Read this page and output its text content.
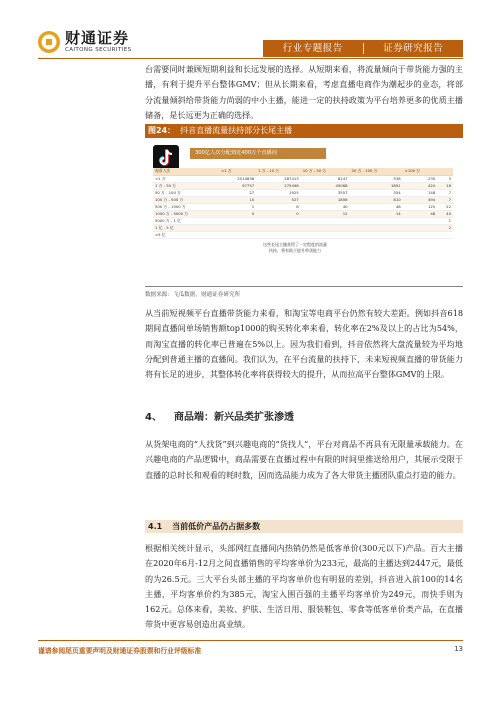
财通证券
CAITONG SECURITIES	行业专题报告	证券研究报告

台需要同时兼顾短期利益和长远发展的选择。从短期来看，将流量倾向于带货能力强的主播，有利于提升平台整体GMV；但从长期来看，考虑直播电商作为潮起步的业态，将部分流量倾斜给带货能力尚弱的中小主播，能进一定的扶持政策为平台培养更多的优质主播储备，是长远更为正确的选择。

图24： 抖音直播流量扶持部分长尾主播
300亿人次分配到近400万个直播间
观看人次	<1 万	1 万 - 10 万	10 万 - 50 万	50 万 - 100 万	>100 万	
<1 万	2014836	287413	8147	538	235	3
1 万 - 50 万	97757	279496	45068	1891	424	16
50 万 - 100 万	27	1925	3557	354	148	7
100 万 - 500 万	10	527	1856	810	494	7
500 万 - 1000 万	1	6	40	48	125	22
1000 万 - 5000 万	0	0	12	14	48	40
5000 万 - 1 亿						1
1 亿 - 5 亿						2
>5 亿						
这些长尾主播获得了一定程度的流量扶持，将有助于提升带货能力
数据来源：飞瓜数据，财通证券研究所

从当前短视频平台直播带货能力来看，和淘宝等电商平台仍然有较大差距。例如抖音618期间直播间单场销售额top1000的购买转化率来看，转化率在2%及以上的占比为54%，而淘宝直播的转化率已普遍在5%以上。因为我们看到，抖音依然将大盘流量较为平均地分配到普通主播的直播间。我们认为，在平台流量的扶持下，未来短视频直播的带货能力将有长足的进步，其整体转化率将获得较大的提升，从而拉高平台整体GMV的上限。

4、 商品端：新兴品类扩张渗透

从货架电商的“人找货”到兴趣电商的“货找人”，平台对商品不再具有无限量承载能力。在兴趣电商的产品逻辑中，商品需要在直播过程中有限的时间里推送给用户，其展示受限于直播的总时长和观看的耗时数，因而选品能力成为了各大带货主播团队重点打造的能力。

4.1 当前低价产品仍占据多数

根据相关统计显示，头部网红直播间内热销仍然是低客单价(300元以下)产品。百大主播在2020年6月-12月之间直播销售的平均客单价为233元，最高的主播达到2447元，最低的为26.5元。三大平台头部主播的平均客单价也有明显的差别，抖音进入前100的14名主播，平均客单价约为385元，淘宝入围百强的主播平均客单价为249元，而快手则为162元。总体来看，美妆、护肤、生活日用、服装鞋包、零食等低客单价类产品，在直播带货中更容易创造出高业绩。

谨请参阅尾页重要声明及财通证券股票和行业评级标准	13
